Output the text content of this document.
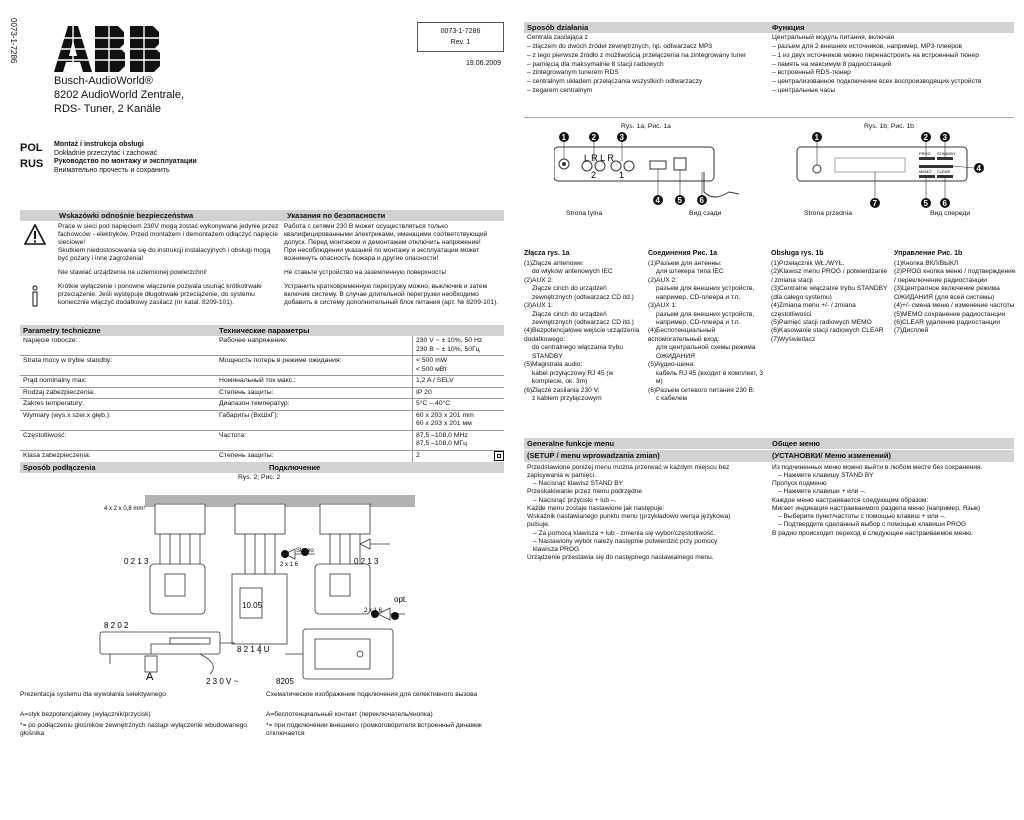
0073-1-7286
Busch-AudioWorld®
8202 AudioWorld Zentrale,
RDS- Tuner, 2 Kanäle
0073-1-7286
Rev. 1
19.06.2009
POL
RUS
Montaż i instrukcja obsługi
Dokładnie przeczytać i zachować
Руководство по монтажу и эксплуатации
Внимательно прочесть и сохранить
Wskazówki odnośnie bezpieczeństwa	Указания по безопасности

Prace w sieci pod napięciem 230V mogą zostać wykonywane jedynie przez fachowców - elektryków. Przed montażem i demontażem odłączyć napięcie sieciowe!

Skutkiem niedostosowania się do instrukcji instalacyjnych i obsługi mogą być pożary i inne zagrożenia!

Nie stawiać urządzenia na uziemionej powierzchni!

Krótkie wyłączenie i ponowne włączenie pozwala usunąć krótkotrwałe przeciążenie. Jeśli występuje długotrwałe przeciążenie, do systemu koniecznie włączyć dodatkowy zasilacz (nr katal. 8209-101).

Работа с сетями 230 В может осуществляться только квалифицированными электриками, имеющими соответствующий допуск. Перед монтажом и демонтажем отключить напряжение!

При несоблюдении указаний по монтажу и эксплуатации может возникнуть опасность пожара и другие опасности!

Не ставьте устройство на заземленную поверхность!

Устранить кратковременную перегрузку можно, выключив и затем включив систему. В случае длительной перегрузки необходимо добавить в систему дополнительный блок питания (арт. № 8209-101).

Parametry techniczne	Технические параметры
Napięcie robocze:	Рабочее напряжение:	230 V ~ ± 10%, 50 Hz
230 В ~ ± 10%, 50Гц
Strata mocy w trybie standby:	Мощность потерь в режиме ожидания:	< 500 mW
< 500 мВт
Prąd nominalny max:	Номинальный ток макс.:	1,2 A / SELV
Rodzaj zabezpieczenia:	Степень защиты:	IP 20
Zakres temperatury:	Диапазон температур:	5°C – 40°C
Wymiary (wys.x szer.x głęb.):	Габариты (ВхШхГ):	60 x 203 x 201 mm
60 x 203 x 201 мм
Częstotliwość:	Частота:	87,5 –108,0 MHz
87,5 –108,0 МГц
Klasa zabezpieczenia:	Степень защиты:	2
Sposób podłączenia	Подключение
Rys. 2; Рис. 2
4 x 2 x 0,8 mm²
Stereo
0 2 1 3	0 2 1 3
2 x 1 6
opt.
2 x 1 6
8 2 0 2
8 2 1 4 U
8205
A	2 3 0 V ~
10.05
Prezentacja systemu dla wywołania selektywnego	Схематическое изображение подключения для селективного вызова
A=styk bezpotencjałowy (wyłącznik/przycisk)	A=беспотенциальный контакт (переключатель/кнопка)
*= po podłączeniu głośników zewnętrznych nastąpi wyłączenie wbudowanego głośnika
*= при подключении внешнего громкоговорителя встроенный динамик отключается
Sposób działania	Функция
Centrala zasilająca z
– złączem do dwóch źródeł zewnętrznych, np. odtwarzacz MP3
– z tego pierwsze źródło z możliwością przełączenia na zintegrowany tuner
– pamięcią dla maksymalnie 8 stacji radiowych
– zintegrowanym tunerem RDS
– centralnym układem przełączania wszystkich odtwarzaczy
– zegarem centralnym
Центральный модуль питания, включая
– разъем для 2 внешних источников, например, MP3-плееров
– 1 из двух источников можно перенастроить на встроенный тюнер
– память на максимум 8 радиостанций
– встроенный RDS-тюнер
– централизованное подключение всех воспроизводящих устройств
– центральные часы
Rys. 1a; Рис. 1a
L R L R
2	1
1	2	3
4 5 6
Strona tylna	Вид сзади
Rys. 1b; Рис. 1b
PROG STANDBY
MEMO CLEAR
1	2 3
4
5 6
7
Strona przednia	Вид спереди
Złącza rys. 1a
(1)Złącze antenowe:
do wtyków antenowych IEC
(2)AUX 2:
Złącze cinch do urządzeń zewnętrznych (odtwarzacz CD itd.)
(3)AUX 1:
Złącze cinch do urządzeń zewnętrznych (odtwarzacz CD itd.)
(4)Bezpotencjałowe wejście urządzenia dodatkowego:
do centralnego włączania trybu STANDBY
(5)Magistrala audio:
kabel przyłączowy RJ 45 (w komplecie, ok. 3m)
(6)Złącze zasilania 230 V:
z kablem przyłączowym
Соединения Рис. 1a
(1)Разъем для антенны:
для штекера типа IEC
(2)AUX 2:
разъем для внешних устройств, например, CD-плеера и т.п.
(3)AUX 1:
разъем для внешних устройств, например, CD-плеера и т.п.
(4)Беспотенциальный вспомогательный вход:
для центральной схемы режима ОЖИДАНИЯ
(5)Аудио-шина:
кабель RJ 45 (входит в комплект, 3 м)
(6)Разъем сетевого питания 230 В:
с кабелем
Obsługa rys. 1b
(1)Przełącznik WŁ./WYŁ.
(2)Klawisz menu PROG / potwierdzanie / zmiana stacji
(3)Centralne włączanie trybu STANDBY (dla całego systemu)
(4)Zmiana menu +/- / zmiana częstotliwości
(5)Pamięć stacji radiowych MEMO
(6)Kasowanie stacji radiowych CLEAR
(7)Wyświetlacz
Управление Рис. 1b
(1)Кнопка ВКЛ/ВЫКЛ
(2)PROG кнопка меню / подтверждение / переключение радиостанции
(3)Централное включение режима ОЖИДАНИЯ (для всей системы)
(4)+/- смена меню / изменение частоты
(5)MEMO сохранение радиостанции
(6)CLEAR удаление радиостанции
(7)Дисплей
Generalne funkcje menu	Общее меню
(SETUP / menu wprowadzania zmian)	(УСТАНОВКИ/ Меню изменений)
Przedstawione poniżej menu można przerwać w każdym miejscu bez zapisywania w pamięci.
– Nacisnąć klawisz STAND BY
Przeskakiwanie przez menu podrzędne
– Nacisnąć przyciski + lub –.
Każde menu zostaje nastawione jak następuje:
Wskaźnik nastawianego punktu menu (przykładowo wersja językowa) pulsuje.
– Za pomocą klawisza + lub - zmienia się wybór/częstotliwość.
– Nastawiony wybór należy następnie potwierdzić przy pomocy klawisza PROG
Urządzenie przestawia się do następnego nastawialnego menu.
Из подчиненных меню можно выйти в любом месте без сохранения.
– Нажмите клавишу STAND BY
Пропуск подменю
– Нажмите клавиши + или –.
Каждое меню настраивается следующим образом:
Мигает индикация настраиваемого раздела меню (например, Язык)
– Выберите пункт/частоты с помощью клавиш + или –.
– Подтвердите сделанный выбор с помощью клавиши PROG
В радио происходит переход в следующее настраиваемое меню.
